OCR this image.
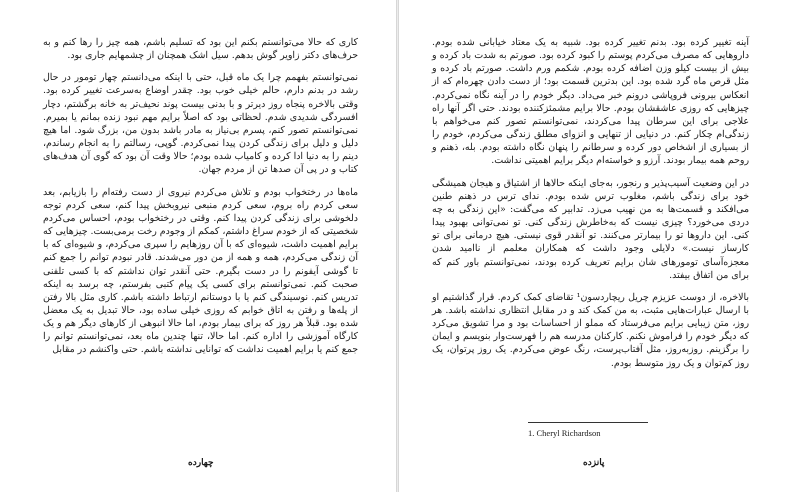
آینه تغییر کرده بود. بدنم تغییر کرده بود. شبیه به یک معتاد خیابانی شده بودم. داروهایی که مصرف می‌کردم پوستم را کبود کرده بود. صورتم به شدت باد کرده و بیش از بیست کیلو وزن اضافه کرده بودم. شکمم ورم داشت. صورتم باد کرده و مثل قرص ماه گرد شده بود. این بدترین قسمت بود؛ از دست دادن چهره‌ام که از انعکاس بیرونی فروپاشی درونم خبر می‌داد. دیگر خودم را در آینه نگاه نمی‌کردم. چیزهایی که روزی عاشقشان بودم. حالا برایم مشمئزکننده بودند. حتی اگر آنها راه علاجی برای این سرطان پیدا می‌کردند، نمی‌توانستم تصور کنم می‌خواهم با زندگی‌ام چکار کنم. در دنیایی از تنهایی و انزوای مطلق زندگی می‌کردم، خودم را از بسیاری از اشخاص دور کرده و سرطانم را پنهان نگاه داشته بودم. بله، ذهنم و روحم همه بیمار بودند. آرزو و خواسته‌ام دیگر برایم اهمیتی نداشت.

در این وضعیت آسیب‌پذیر و رنجور، به‌جای اینکه حالاها از اشتیاق و هیجان همیشگی خود برای زندگی باشم، مغلوب ترس شده بودم. ندای ترس در ذهنم طنین می‌افکند و قسمت‌ها به من نهیب می‌زد. تدابیر که می‌گفت: «این زندگی به چه دردی می‌خورد؟ چیزی نیست که به‌خاطرش زندگی کنی. تو نمی‌توانی بهبود پیدا کنی. این داروها تو را بیمارتر می‌کنند. تو آنقدر قوی نیستی. هیچ درمانی برای تو کارساز نیست.» دلایلی وجود داشت که همکاران معلمم از ناامید شدن معجزه‌آسای تومورهای شان برایم تعریف کرده بودند، نمی‌توانستم باور کنم که برای من اتفاق بیفتد.

بالاخره، از دوست عزیزم چریل ریچاردسون¹ تقاضای کمک کردم. قرار گذاشتیم او با ارسال عبارات‌هایی مثبت، به من کمک کند و در مقابل انتظاری نداشته باشد. هر روز، متن زیبایی برایم می‌فرستاد که مملو از احساسات بود و مرا تشویق می‌کرد که دیگر خودم را فراموش نکنم. کارکنان مدرسه هم را فهرست‌وار بنویسم و ایمان را برگزینم. روزبه‌روز، مثل آفتاب‌پرست، رنگ عوض می‌کردم. یک روز پرتوان، یک روز کم‌توان و یک روز متوسط بودم.

کاری که حالا می‌توانستم بکنم این بود که تسلیم باشم، همه چیز را رها کنم و به حرف‌های دکتر زاویر گوش بدهم. سیل اشک همچنان از چشمهایم جاری بود.

نمی‌توانستم بفهمم چرا یک ماه قبل، حتی با اینکه می‌دانستم چهار تومور در حال رشد در بدنم دارم، حالم خیلی خوب بود. چقدر اوضاع به‌سرعت تغییر کرده بود. وقتی بالاخره پنجاه روز دیرتر و با بدنی بیست پوند نحیف‌تر به خانه برگشتم، دچار افسردگی شدیدی شدم. لحظاتی بود که اصلاً برایم مهم نبود زنده بمانم یا بمیرم. نمی‌توانستم تصور کنم، پسرم بی‌نیاز به مادر باشد بدون من، بزرگ شود. اما هیچ دلیل و دلیل برای زندگی کردن پیدا نمی‌کردم. گوپی، رسالتم را به انجام رساندم، دینم را به دنیا ادا کرده و کامیاب شده بودم؛ حالا وقت آن بود که گوی آن هدف‌های کتاب و در پی آن صدها تن از مردم جهان.

ماه‌ها در رختخواب بودم و تلاش می‌کردم نیروی از دست رفته‌ام را بازیابم، بعد سعی کردم راه بروم، سعی کردم منبعی نیرو‌بخش پیدا کنم، سعی کردم توجه دلخوشی برای زندگی کردن پیدا کنم. وقتی در رختخواب بودم، احساس می‌کردم شخصیتی که از خودم سراغ داشتم، کمکم از وجودم رخت برمی‌بست. چیزهایی که برایم اهمیت داشت، شیوه‌ای که با آن روزهایم را سپری می‌کردم، و شیوه‌ای که با آن زندگی می‌کردم، همه و همه از من دور می‌شدند. قادر نبودم توانم را جمع کنم تا گوشی آیفونم را در دست بگیرم. حتی آنقدر توان نداشتم که با کسی تلفنی صحبت کنم. نمی‌توانستم برای کسی یک پیام کتبی بفرستم، چه برسد به اینکه تدریس کنم. نوسیندگی کنم یا با دوستانم ارتباط داشته باشم. کاری مثل بالا رفتن از پله‌ها و رفتن به اتاق خوابم که روزی خیلی ساده بود، حالا تبدیل به یک معضل شده بود. قبلاً هر روز که برای بیمار بودم، اما حالا انبوهی از کارهای دیگر هم و یک کارگاه آموزشی را اداره کنم. اما حالا، تنها چندین ماه بعد، نمی‌توانستم توانم را جمع کنم یا برایم اهمیت نداشت که توانایی نداشته باشم. حتی واکنشم در مقابل

1. Cheryl Richardson
پانزده
چهارده
